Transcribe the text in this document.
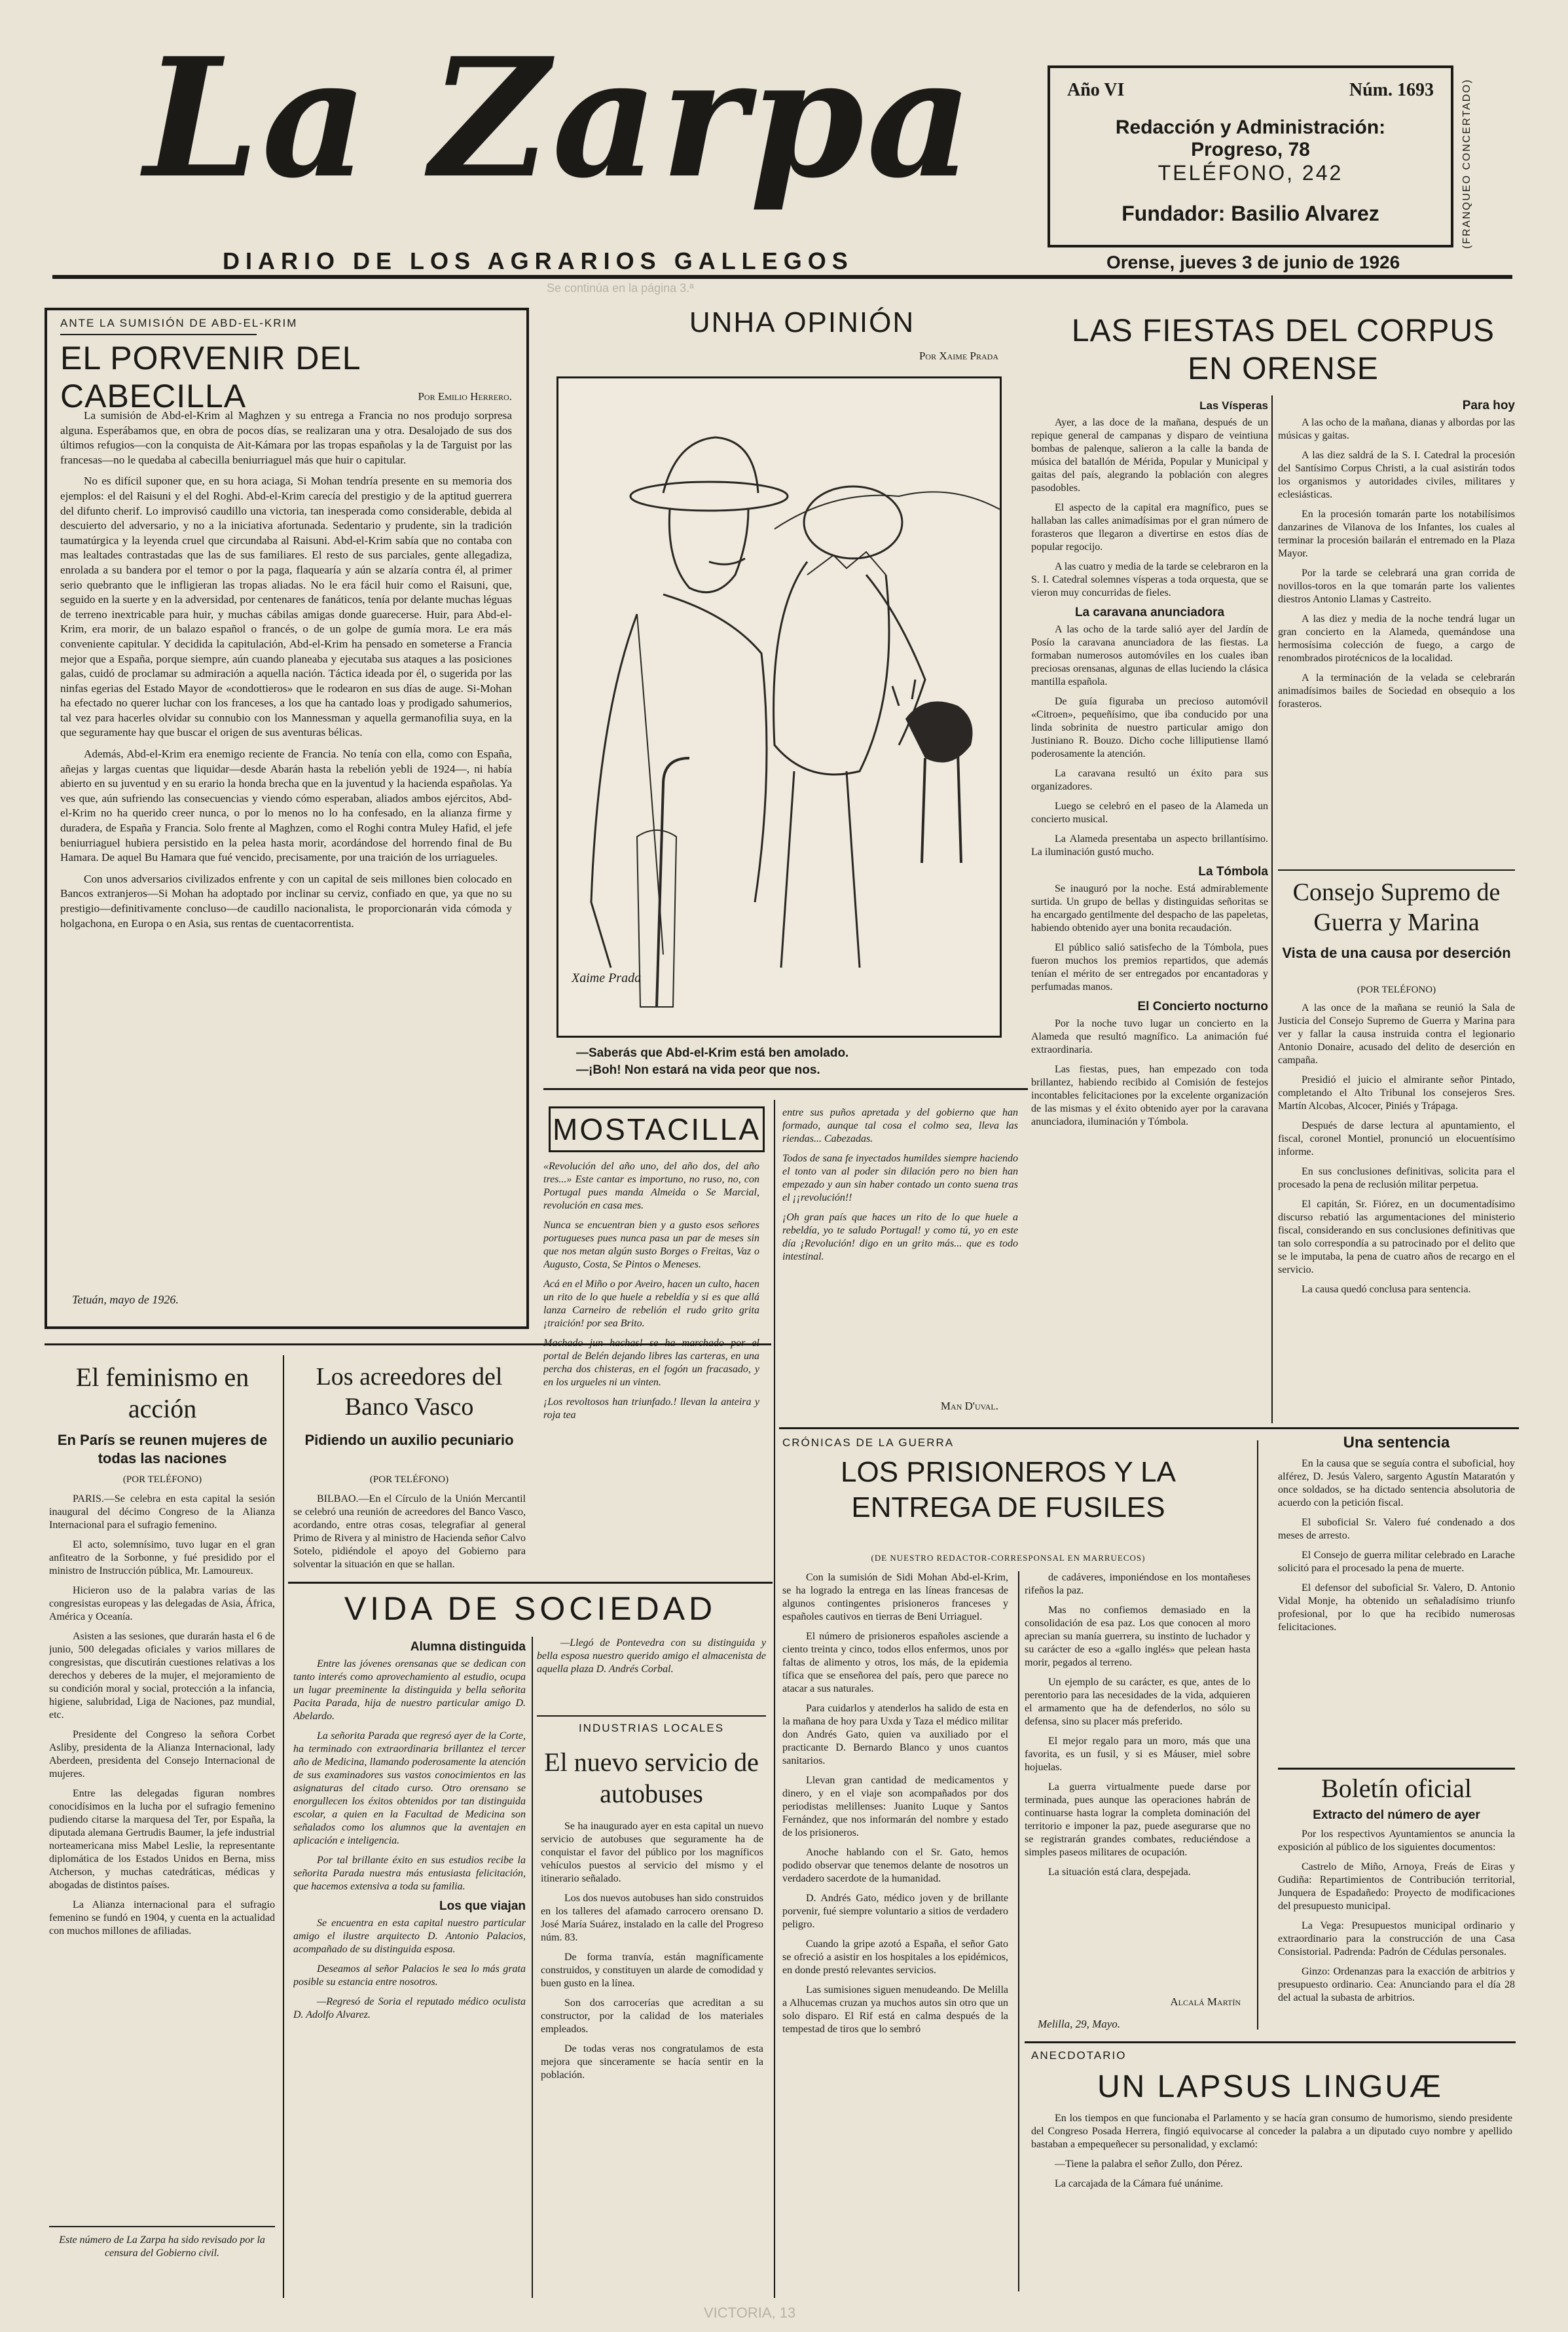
La Zarpa
DIARIO DE LOS AGRARIOS GALLEGOS
Año VI	Núm. 1693
Redacción y Administración: Progreso, 78
TELÉFONO, 242
Fundador: Basilio Alvarez	(FRANQUEO CONCERTADO)
Orense, jueves 3 de junio de 1926
ANTE LA SUMISIÓN DE ABD-EL-KRIM
EL PORVENIR DEL CABECILLA	Por Emilio Herrero.

La sumisión de Abd-el-Krim al Maghzen y su entrega a Francia no nos produjo sorpresa alguna. Esperábamos que, en obra de pocos días, se realizaran una y otra. Desalojado de sus dos últimos refugios—con la conquista de Ait-Kámara por las tropas españolas y la de Targuist por las francesas—no le quedaba al cabecilla beniurriaguel más que huir o capitular.

No es difícil suponer que, en su hora aciaga, Si Mohan tendría presente en su memoria dos ejemplos: el del Raisuni y el del Roghi. Abd-el-Krim carecía del prestigio y de la aptitud guerrera del difunto cherif. Lo improvisó caudillo una victoria, tan inesperada como considerable, debida al descuierto del adversario, y no a la iniciativa afortunada. Sedentario y prudente, sin la tradición taumatúrgica y la leyenda cruel que circundaba al Raisuni. Abd-el-Krim sabía que no contaba con mas lealtades contrastadas que las de sus familiares. El resto de sus parciales, gente allegadiza, enrolada a su bandera por el temor o por la paga, flaquearía y aún se alzaría contra él, al primer serio quebranto que le infligieran las tropas aliadas. No le era fácil huir como el Raisuni, que, seguido en la suerte y en la adversidad, por centenares de fanáticos, tenía por delante muchas léguas de terreno inextricable para huir, y muchas cábilas amigas donde guarecerse. Huir, para Abd-el-Krim, era morir, de un balazo español o francés, o de un golpe de gumía mora. Le era más conveniente capitular. Y decidida la capitulación, Abd-el-Krim ha pensado en someterse a Francia mejor que a España, porque siempre, aún cuando planeaba y ejecutaba sus ataques a las posiciones galas, cuidó de proclamar su admiración a aquella nación. Táctica ideada por él, o sugerida por las ninfas egerias del Estado Mayor de «condottieros» que le rodearon en sus días de auge. Si-Mohan ha efectado no querer luchar con los franceses, a los que ha cantado loas y prodigado sahumerios, tal vez para hacerles olvidar su connubio con los Mannessman y aquella germanofilia suya, en la que seguramente hay que buscar el origen de sus aventuras bélicas.

Además, Abd-el-Krim era enemigo reciente de Francia. No tenía con ella, como con España, añejas y largas cuentas que liquidar—desde Abarán hasta la rebelión yebli de 1924—, ni había abierto en su juventud y en su erario la honda brecha que en la juventud y la hacienda españolas. Ya ves que, aún sufriendo las consecuencias y viendo cómo esperaban, aliados ambos ejércitos, Abd-el-Krim no ha querido creer nunca, o por lo menos no lo ha confesado, en la alianza firme y duradera, de España y Francia. Solo frente al Maghzen, como el Roghi contra Muley Hafid, el jefe beniurriaguel hubiera persistido en la pelea hasta morir, acordándose del horrendo final de Bu Hamara. De aquel Bu Hamara que fué vencido, precisamente, por una traición de los urriagueles.

Con unos adversarios civilizados enfrente y con un capital de seis millones bien colocado en Bancos extranjeros—Si Mohan ha adoptado por inclinar su cerviz, confiado en que, ya que no su prestigio—definitivamente concluso—de caudillo nacionalista, le proporcionarán vida cómoda y holgachona, en Europa o en Asia, sus rentas de cuentacorrentista.

Tetuán, mayo de 1926.
UNHA OPINIÓN
Por Xaime Prada
Xaime Prada
—Saberás que Abd-el-Krim está ben amolado.
—¡Boh! Non estará na vida peor que nos.
MOSTACILLA

«Revolución del año uno, del año dos, del año tres...» Este cantar es importuno, no ruso, no, con Portugal pues manda Almeida o Se Marcial, revolución en casa mes.

Nunca se encuentran bien y a gusto esos señores portugueses pues nunca pasa un par de meses sin que nos metan algún susto Borges o Freitas, Vaz o Augusto, Costa, Se Pintos o Meneses.

Acá en el Miño o por Aveiro, hacen un culto, hacen un rito de lo que huele a rebeldía y si es que allá lanza Carneiro de rebelión el rudo grito grita ¡traición! por sea Brito.

portal de Belén dejando libres las carteras, en una percha dos chisteras, en el fogón un fracasado, y en los urgueles ni un vinten.

¡Los revoltosos han triunfado.! llevan la anteira y roja tea

entre sus puños apretada y del gobierno que han formado, aunque tal cosa el colmo sea, lleva las riendas... Cabezadas.

Todos de sana fe inyectados humildes siempre haciendo el tonto van al poder sin dilación pero no bien han empezado y aun sin haber contado un conto suena tras el ¡¡revolución!!

¡Oh gran país que haces un rito de lo que huele a rebeldía, yo te saludo Portugal! y como tú, yo en este día ¡Revolución! digo en un grito más... que es todo intestinal.

Man D'uval.
LAS FIESTAS DEL CORPUS
EN ORENSE
Las Vísperas

Ayer, a las doce de la mañana, después de un repique general de campanas y disparo de veintiuna bombas de palenque, salieron a la calle la banda de música del batallón de Mérida, Popular y Municipal y gaitas del país, alegrando la población con alegres pasodobles.

El aspecto de la capital era magnífico, pues se hallaban las calles animadísimas por el gran número de forasteros que llegaron a divertirse en estos días de popular regocijo.

A las cuatro y media de la tarde se celebraron en la S. I. Catedral solemnes vísperas a toda orquesta, que se vieron muy concurridas de fieles.

La caravana anunciadora

A las ocho de la tarde salió ayer del Jardín de Posío la caravana anunciadora de las fiestas. La formaban numerosos automóviles en los cuales iban preciosas orensanas, algunas de ellas luciendo la clásica mantilla española.

De guía figuraba un precioso automóvil «Citroen», pequeñísimo, que iba conducido por una linda sobrinita de nuestro particular amigo don Justiniano R. Bouzo. Dicho coche lilliputiense llamó poderosamente la atención.

La caravana resultó un éxito para sus organizadores.

Luego se celebró en el paseo de la Alameda un concierto musical.

La Alameda presentaba un aspecto brillantísimo. La iluminación gustó mucho.

La Tómbola

Se inauguró por la noche. Está admirablemente surtida. Un grupo de bellas y distinguidas señoritas se ha encargado gentilmente del despacho de las papeletas, habiendo obtenido ayer una bonita recaudación.

El público salió satisfecho de la Tómbola, pues fueron muchos los premios repartidos, que además tenían el mérito de ser entregados por encantadoras y perfumadas manos.

El Concierto nocturno

Por la noche tuvo lugar un concierto en la Alameda que resultó magnífico. La animación fué extraordinaria.

Las fiestas, pues, han empezado con toda brillantez, habiendo recibido al Comisión de festejos incontables felicitaciones por la excelente organización de las mismas y el éxito obtenido ayer por la caravana anunciadora, iluminación y Tómbola.

Para hoy

A las ocho de la mañana, dianas y albordas por las músicas y gaitas.

A las diez saldrá de la S. I. Catedral la procesión del Santísimo Corpus Christi, a la cual asistirán todos los organismos y autoridades civiles, militares y eclesiásticas.

En la procesión tomarán parte los notabilísimos danzarines de Vilanova de los Infantes, los cuales al terminar la procesión bailarán el entremado en la Plaza Mayor.

Por la tarde se celebrará una gran corrida de novillos-toros en la que tomarán parte los valientes diestros Antonio Llamas y Castreito.

A las diez y media de la noche tendrá lugar un gran concierto en la Alameda, quemándose una hermosísima colección de fuego, a cargo de renombrados pirotécnicos de la localidad.

A la terminación de la velada se celebrarán animadísimos bailes de Sociedad en obsequio a los forasteros.

Consejo Supremo de Guerra y Marina
Vista de una causa por deserción
(POR TELÉFONO)

A las once de la mañana se reunió la Sala de Justicia del Consejo Supremo de Guerra y Marina para ver y fallar la causa instruida contra el legionario Antonio Donaire, acusado del delito de deserción en campaña.

Presidió el juicio el almirante señor Pintado, completando el Alto Tribunal los consejeros Sres. Martín Alcobas, Alcocer, Piniés y Trápaga.

Después de darse lectura al apuntamiento, el fiscal, coronel Montiel, pronunció un elocuentísimo informe.

En sus conclusiones definitivas, solicita para el procesado la pena de reclusión militar perpetua.

El capitán, Sr. Fiórez, en un documentadísimo discurso rebatió las argumentaciones del ministerio fiscal, considerando en sus conclusiones definitivas que tan solo correspondía a su patrocinado por el delito que se le imputaba, la pena de cuatro años de recargo en el servicio.

La causa quedó conclusa para sentencia.

Una sentencia

En la causa que se seguía contra el suboficial, hoy alférez, D. Jesús Valero, sargento Agustín Mataratón y once soldados, se ha dictado sentencia absolutoria de acuerdo con la petición fiscal.

El suboficial Sr. Valero fué condenado a dos meses de arresto.

El Consejo de guerra militar celebrado en Larache solicitó para el procesado la pena de muerte.

El defensor del suboficial Sr. Valero, D. Antonio Vidal Monje, ha obtenido un señaladísimo triunfo profesional, por lo que ha recibido numerosas felicitaciones.

Boletín oficial
Extracto del número de ayer

Por los respectivos Ayuntamientos se anuncia la exposición al público de los siguientes documentos:

Castrelo de Miño, Arnoya, Freás de Eiras y Gudiña: Repartimientos de Contribución territorial, Junquera de Espadañedo: Proyecto de modificaciones del presupuesto municipal.

La Vega: Presupuestos municipal ordinario y extraordinario para la construcción de una Casa Consistorial. Padrenda: Padrón de Cédulas personales.

Ginzo: Ordenanzas para la exacción de arbitrios y presupuesto ordinario. Cea: Anunciando para el día 28 del actual la subasta de arbitrios.

CRÓNICAS DE LA GUERRA
LOS PRISIONEROS Y LA ENTREGA DE FUSILES
(DE NUESTRO REDACTOR-CORRESPONSAL EN MARRUECOS)

Con la sumisión de Sidi Mohan Abd-el-Krim, se ha logrado la entrega en las líneas francesas de algunos contingentes prisioneros franceses y españoles cautivos en tierras de Beni Urriaguel.

El número de prisioneros españoles asciende a ciento treinta y cinco, todos ellos enfermos, unos por faltas de alimento y otros, los más, de la epidemia tífica que se enseñorea del país, pero que parece no atacar a sus naturales.

Para cuidarlos y atenderlos ha salido de esta en la mañana de hoy para Uxda y Taza el médico militar don Andrés Gato, quien va auxiliado por el practicante D. Bernardo Blanco y unos cuantos sanitarios.

Llevan gran cantidad de medicamentos y dinero, y en el viaje son acompañados por dos periodistas melillenses: Juanito Luque y Santos Fernández, que nos informarán del nombre y estado de los prisioneros.

Anoche hablando con el Sr. Gato, hemos podido observar que tenemos delante de nosotros un verdadero sacerdote de la humanidad.

D. Andrés Gato, médico joven y de brillante porvenir, fué siempre voluntario a sitios de verdadero peligro.

Cuando la gripe azotó a España, el señor Gato se ofreció a asistir en los hospitales a los epidémicos, en donde prestó relevantes servicios.

Las sumisiones siguen menudeando. De Melilla a Alhucemas cruzan ya muchos autos sin otro que un solo disparo. El Rif está en calma después de la tempestad de tiros que lo sembró

de cadáveres, imponiéndose en los montañeses rifeños la paz.

Mas no confiemos demasiado en la consolidación de esa paz. Los que conocen al moro aprecian su manía guerrera, su instinto de luchador y su carácter de eso a «gallo inglés» que pelean hasta morir, pegados al terreno.

Un ejemplo de su carácter, es que, antes de lo perentorio para las necesidades de la vida, adquieren el armamento que ha de defenderlos, no sólo su defensa, sino su placer más preferido.

El mejor regalo para un moro, más que una favorita, es un fusil, y si es Máuser, miel sobre hojuelas.

La guerra virtualmente puede darse por terminada, pues aunque las operaciones habrán de continuarse hasta lograr la completa dominación del territorio e imponer la paz, puede asegurarse que no se registrarán grandes combates, reduciéndose a simples paseos militares de ocupación.

La situación está clara, despejada.

Alcalá Martín
Melilla, 29, Mayo.
ANECDOTARIO
UN LAPSUS LINGUÆ

En los tiempos en que funcionaba el Parlamento y se hacía gran consumo de humorismo, siendo presidente del Congreso Posada Herrera, fingió equivocarse al conceder la palabra a un diputado cuyo nombre y apellido bastaban a empequeñecer su personalidad, y exclamó:

—Tiene la palabra el señor Zullo, don Pérez.

La carcajada de la Cámara fué unánime.

El feminismo en acción
En París se reunen mujeres de todas las naciones
(POR TELÉFONO)

PARIS.—Se celebra en esta capital la sesión inaugural del décimo Congreso de la Alianza Internacional para el sufragio femenino.

El acto, solemnísimo, tuvo lugar en el gran anfiteatro de la Sorbonne, y fué presidido por el ministro de Instrucción pública, Mr. Lamoureux.

Hicieron uso de la palabra varias de las congresistas europeas y las delegadas de Asia, África, América y Oceanía.

Asisten a las sesiones, que durarán hasta el 6 de junio, 500 delegadas oficiales y varios millares de congresistas, que discutirán cuestiones relativas a los derechos y deberes de la mujer, el mejoramiento de su condición moral y social, protección a la infancia, higiene, salubridad, Liga de Naciones, paz mundial, etc.

Presidente del Congreso la señora Corbet Asliby, presidenta de la Alianza Internacional, lady Aberdeen, presidenta del Consejo Internacional de mujeres.

Entre las delegadas figuran nombres conocidísimos en la lucha por el sufragio femenino pudiendo citarse la marquesa del Ter, por España, la diputada alemana Gertrudis Baumer, la jefe industrial norteamericana miss Mabel Leslie, la representante diplomática de los Estados Unidos en Berna, miss Atcherson, y muchas catedráticas, médicas y abogadas de distintos países.

La Alianza internacional para el sufragio femenino se fundó en 1904, y cuenta en la actualidad con muchos millones de afiliadas.

Este número de La Zarpa ha sido revisado por la censura del Gobierno civil.
Los acreedores del Banco Vasco
Pidiendo un auxilio pecuniario
(POR TELÉFONO)

BILBAO.—En el Círculo de la Unión Mercantil se celebró una reunión de acreedores del Banco Vasco, acordando, entre otras cosas, telegrafiar al general Primo de Rivera y al ministro de Hacienda señor Calvo Sotelo, pidiéndole el apoyo del Gobierno para solventar la situación en que se hallan.

VIDA DE SOCIEDAD
Alumna distinguida

Entre las jóvenes orensanas que se dedican con tanto interés como aprovechamiento al estudio, ocupa un lugar preeminente la distinguida y bella señorita Pacita Parada, hija de nuestro particular amigo D. Abelardo.

La señorita Parada que regresó ayer de la Corte, ha terminado con extraordinaria brillantez el tercer año de Medicina, llamando poderosamente la atención de sus examinadores sus vastos conocimientos en las asignaturas del citado curso. Otro orensano se enorgullecen los éxitos obtenidos por tan distinguida escolar, a quien en la Facultad de Medicina son señalados como los alumnos que la aventajen en aplicación e inteligencia.

Por tal brillante éxito en sus estudios recibe la señorita Parada nuestra más entusiasta felicitación, que hacemos extensiva a toda su familia.

Los que viajan

Se encuentra en esta capital nuestro particular amigo el ilustre arquitecto D. Antonio Palacios, acompañado de su distinguida esposa.

Deseamos al señor Palacios le sea lo más grata posible su estancia entre nosotros.

—Regresó de Soria el reputado médico oculista D. Adolfo Alvarez.

—Llegó de Pontevedra con su distinguida y bella esposa nuestro querido amigo el almacenista de aquella plaza D. Andrés Corbal.

INDUSTRIAS LOCALES
El nuevo servicio de autobuses

Se ha inaugurado ayer en esta capital un nuevo servicio de autobuses que seguramente ha de conquistar el favor del público por los magníficos vehículos puestos al servicio del mismo y el itinerario señalado.

Los dos nuevos autobuses han sido construidos en los talleres del afamado carrocero orensano D. José María Suárez, instalado en la calle del Progreso núm. 83.

De forma tranvía, están magníficamente construidos, y constituyen un alarde de comodidad y buen gusto en la línea.

Son dos carrocerías que acreditan a su constructor, por la calidad de los materiales empleados.

De todas veras nos congratulamos de esta mejora que sinceramente se hacía sentir en la población.

Se continúa en la página 3.ª
VICTORIA, 13
